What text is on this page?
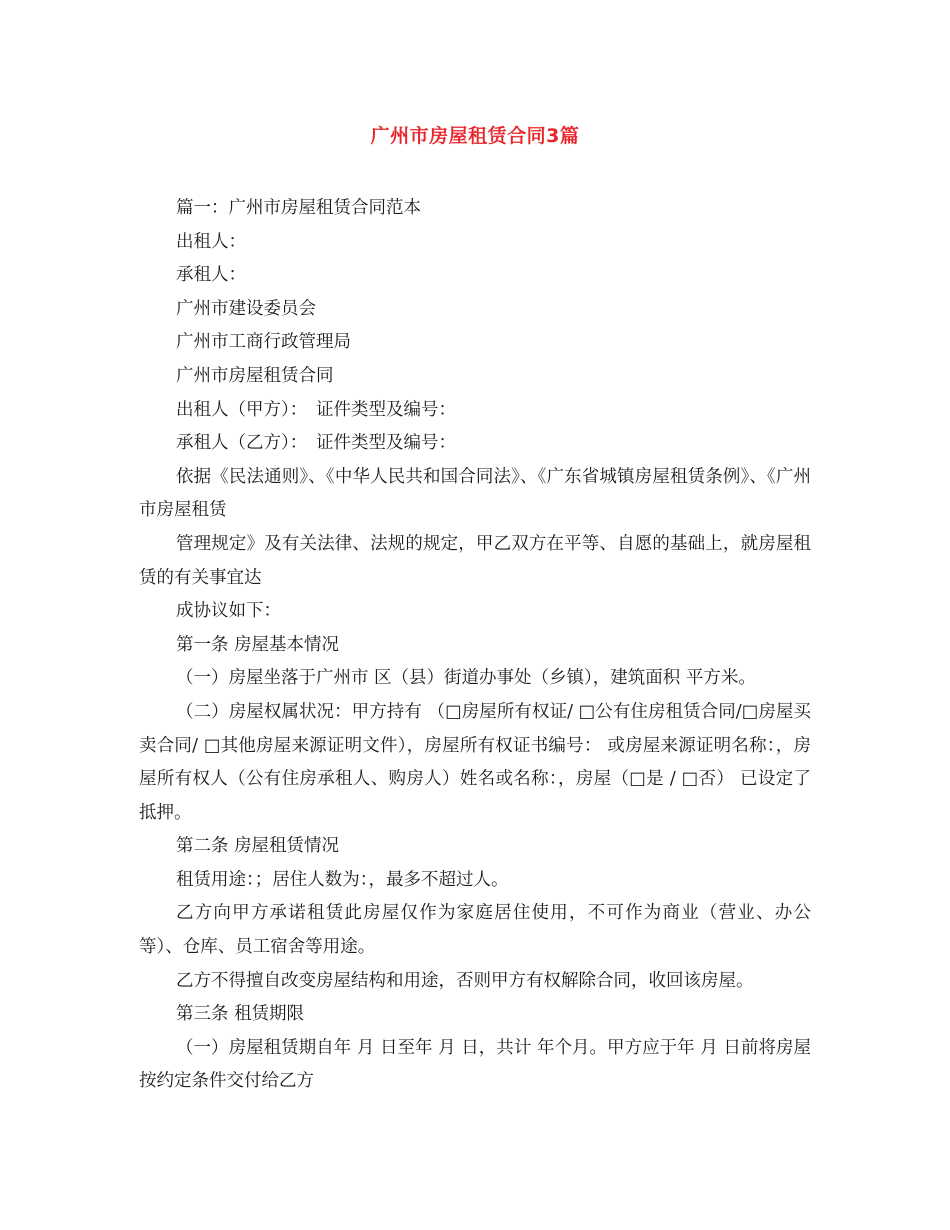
广州市房屋租赁合同3篇

篇一：广州市房屋租赁合同范本

出租人：

承租人：

广州市建设委员会

广州市工商行政管理局

广州市房屋租赁合同

出租人（甲方）：　证件类型及编号：

承租人（乙方）：　证件类型及编号：

依据《民法通则》、《中华人民共和国合同法》、《广东省城镇房屋租赁条例》、《广州市房屋租赁

管理规定》及有关法律、法规的规定，甲乙双方在平等、自愿的基础上，就房屋租赁的有关事宜达

成协议如下：

第一条 房屋基本情况

（一）房屋坐落于广州市 区（县）街道办事处（乡镇），建筑面积 平方米。

（二）房屋权属状况：甲方持有 （□房屋所有权证/ □公有住房租赁合同/□房屋买卖合同/ □其他房屋来源证明文件），房屋所有权证书编号： 或房屋来源证明名称：，房屋所有权人（公有住房承租人、购房人）姓名或名称：，房屋（□是 / □否） 已设定了抵押。

第二条 房屋租赁情况

租赁用途：；居住人数为：，最多不超过人。

乙方向甲方承诺租赁此房屋仅作为家庭居住使用，不可作为商业（营业、办公等）、仓库、员工宿舍等用途。

乙方不得擅自改变房屋结构和用途，否则甲方有权解除合同，收回该房屋。

第三条 租赁期限

（一）房屋租赁期自年 月 日至年 月 日，共计 年个月。甲方应于年 月 日前将房屋按约定条件交付给乙方
